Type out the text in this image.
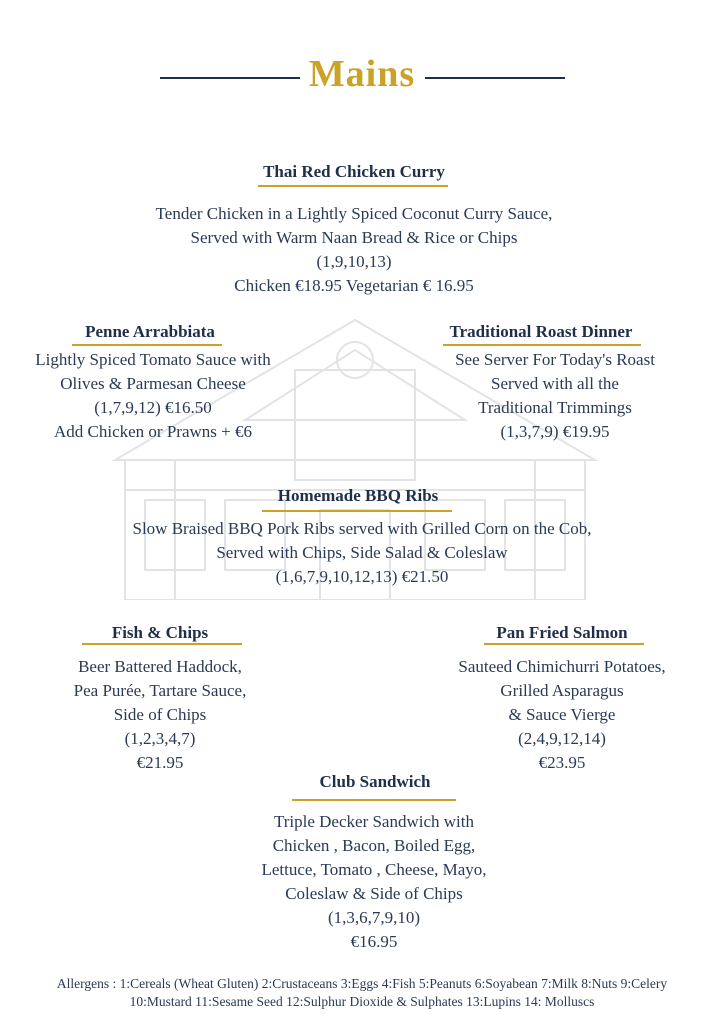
Mains
Thai Red Chicken Curry
Tender Chicken in a Lightly Spiced Coconut Curry Sauce,
Served with Warm Naan Bread & Rice or Chips
(1,9,10,13)
Chicken €18.95 Vegetarian € 16.95
Penne Arrabbiata
Lightly Spiced Tomato Sauce with
Olives & Parmesan Cheese
(1,7,9,12) €16.50
Add Chicken or Prawns + €6
Traditional Roast Dinner
See Server For Today's Roast
Served with all the
Traditional Trimmings
(1,3,7,9) €19.95
Homemade BBQ Ribs
Slow Braised BBQ Pork Ribs served with Grilled Corn on the Cob,
Served with Chips, Side Salad & Coleslaw
(1,6,7,9,10,12,13) €21.50
Fish & Chips
Beer Battered Haddock,
Pea Purée, Tartare Sauce,
Side of Chips
(1,2,3,4,7)
€21.95
Pan Fried Salmon
Sauteed Chimichurri Potatoes,
Grilled Asparagus
& Sauce Vierge
(2,4,9,12,14)
€23.95
Club Sandwich
Triple Decker Sandwich with
Chicken , Bacon, Boiled Egg,
Lettuce, Tomato , Cheese, Mayo,
Coleslaw & Side of Chips
(1,3,6,7,9,10)
€16.95
Allergens : 1:Cereals (Wheat Gluten) 2:Crustaceans 3:Eggs 4:Fish 5:Peanuts 6:Soyabean 7:Milk 8:Nuts 9:Celery
10:Mustard 11:Sesame Seed 12:Sulphur Dioxide & Sulphates 13:Lupins 14: Molluscs
